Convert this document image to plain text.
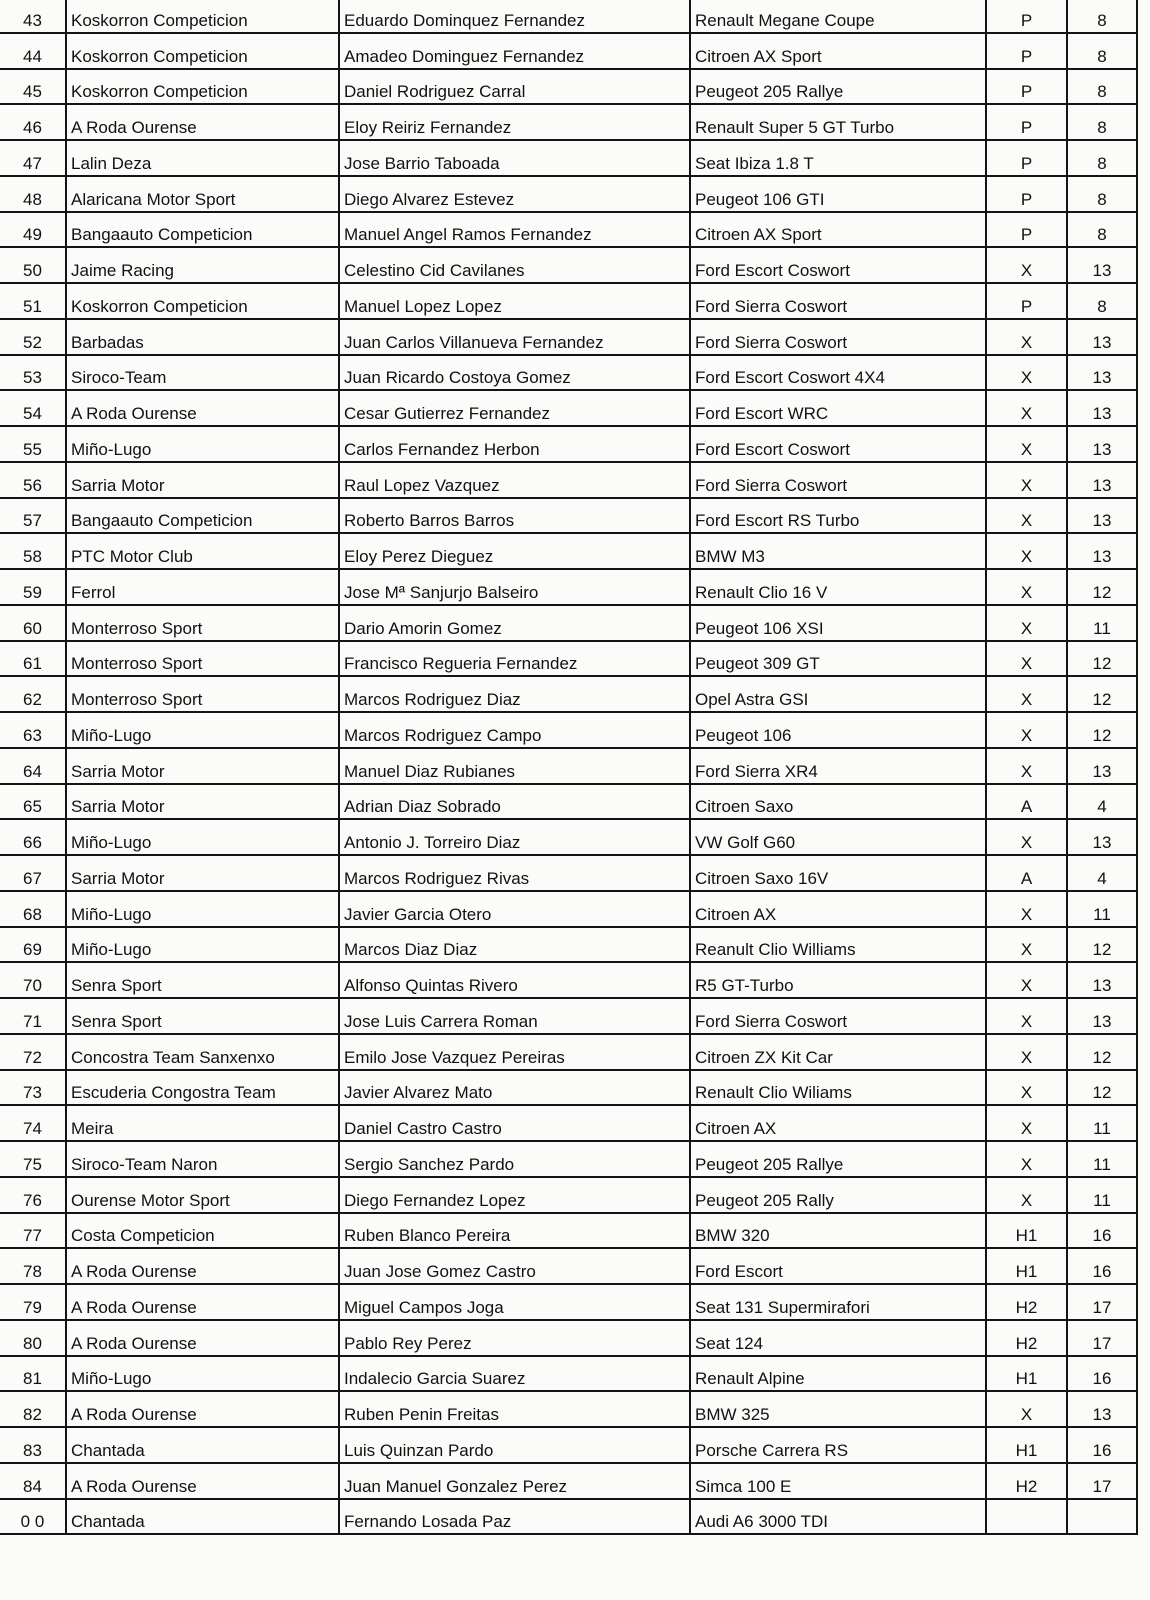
43	Koskorron Competicion	Eduardo Dominquez Fernandez	Renault Megane Coupe	P	8
44	Koskorron Competicion	Amadeo Dominguez Fernandez	Citroen AX Sport	P	8
45	Koskorron Competicion	Daniel Rodriguez Carral	Peugeot 205 Rallye	P	8
46	A Roda Ourense	Eloy Reiriz Fernandez	Renault Super 5 GT Turbo	P	8
47	Lalin Deza	Jose Barrio Taboada	Seat Ibiza 1.8 T	P	8
48	Alaricana Motor Sport	Diego Alvarez Estevez	Peugeot 106 GTI	P	8
49	Bangaauto Competicion	Manuel Angel Ramos Fernandez	Citroen AX Sport	P	8
50	Jaime Racing	Celestino Cid Cavilanes	Ford Escort Coswort	X	13
51	Koskorron Competicion	Manuel Lopez Lopez	Ford Sierra Coswort	P	8
52	Barbadas	Juan Carlos Villanueva Fernandez	Ford Sierra Coswort	X	13
53	Siroco-Team	Juan Ricardo Costoya Gomez	Ford Escort Coswort 4X4	X	13
54	A Roda Ourense	Cesar Gutierrez Fernandez	Ford Escort WRC	X	13
55	Miño-Lugo	Carlos Fernandez Herbon	Ford Escort Coswort	X	13
56	Sarria Motor	Raul Lopez Vazquez	Ford Sierra Coswort	X	13
57	Bangaauto Competicion	Roberto Barros Barros	Ford Escort RS Turbo	X	13
58	PTC Motor Club	Eloy Perez Dieguez	BMW M3	X	13
59	Ferrol	Jose Mª Sanjurjo Balseiro	Renault Clio 16 V	X	12
60	Monterroso Sport	Dario Amorin Gomez	Peugeot 106 XSI	X	11
61	Monterroso Sport	Francisco Regueria Fernandez	Peugeot 309 GT	X	12
62	Monterroso Sport	Marcos Rodriguez Diaz	Opel Astra GSI	X	12
63	Miño-Lugo	Marcos Rodriguez Campo	Peugeot 106	X	12
64	Sarria Motor	Manuel Diaz Rubianes	Ford Sierra XR4	X	13
65	Sarria Motor	Adrian Diaz Sobrado	Citroen Saxo	A	4
66	Miño-Lugo	Antonio J. Torreiro Diaz	VW Golf G60	X	13
67	Sarria Motor	Marcos Rodriguez Rivas	Citroen Saxo 16V	A	4
68	Miño-Lugo	Javier Garcia Otero	Citroen AX	X	11
69	Miño-Lugo	Marcos Diaz Diaz	Reanult Clio Williams	X	12
70	Senra Sport	Alfonso Quintas Rivero	R5 GT-Turbo	X	13
71	Senra Sport	Jose Luis Carrera Roman	Ford Sierra Coswort	X	13
72	Concostra Team Sanxenxo	Emilo Jose Vazquez Pereiras	Citroen ZX Kit Car	X	12
73	Escuderia Congostra Team	Javier Alvarez Mato	Renault Clio Wiliams	X	12
74	Meira	Daniel Castro Castro	Citroen AX	X	11
75	Siroco-Team Naron	Sergio Sanchez Pardo	Peugeot 205 Rallye	X	11
76	Ourense Motor Sport	Diego Fernandez Lopez	Peugeot 205 Rally	X	11
77	Costa Competicion	Ruben Blanco Pereira	BMW 320	H1	16
78	A Roda Ourense	Juan Jose Gomez Castro	Ford Escort	H1	16
79	A Roda Ourense	Miguel Campos Joga	Seat 131 Supermirafori	H2	17
80	A Roda Ourense	Pablo Rey Perez	Seat 124	H2	17
81	Miño-Lugo	Indalecio Garcia Suarez	Renault Alpine	H1	16
82	A Roda Ourense	Ruben Penin Freitas	BMW 325	X	13
83	Chantada	Luis Quinzan Pardo	Porsche Carrera RS	H1	16
84	A Roda Ourense	Juan Manuel Gonzalez Perez	Simca 100 E	H2	17
0 0	Chantada	Fernando Losada Paz	Audi A6 3000 TDI		
